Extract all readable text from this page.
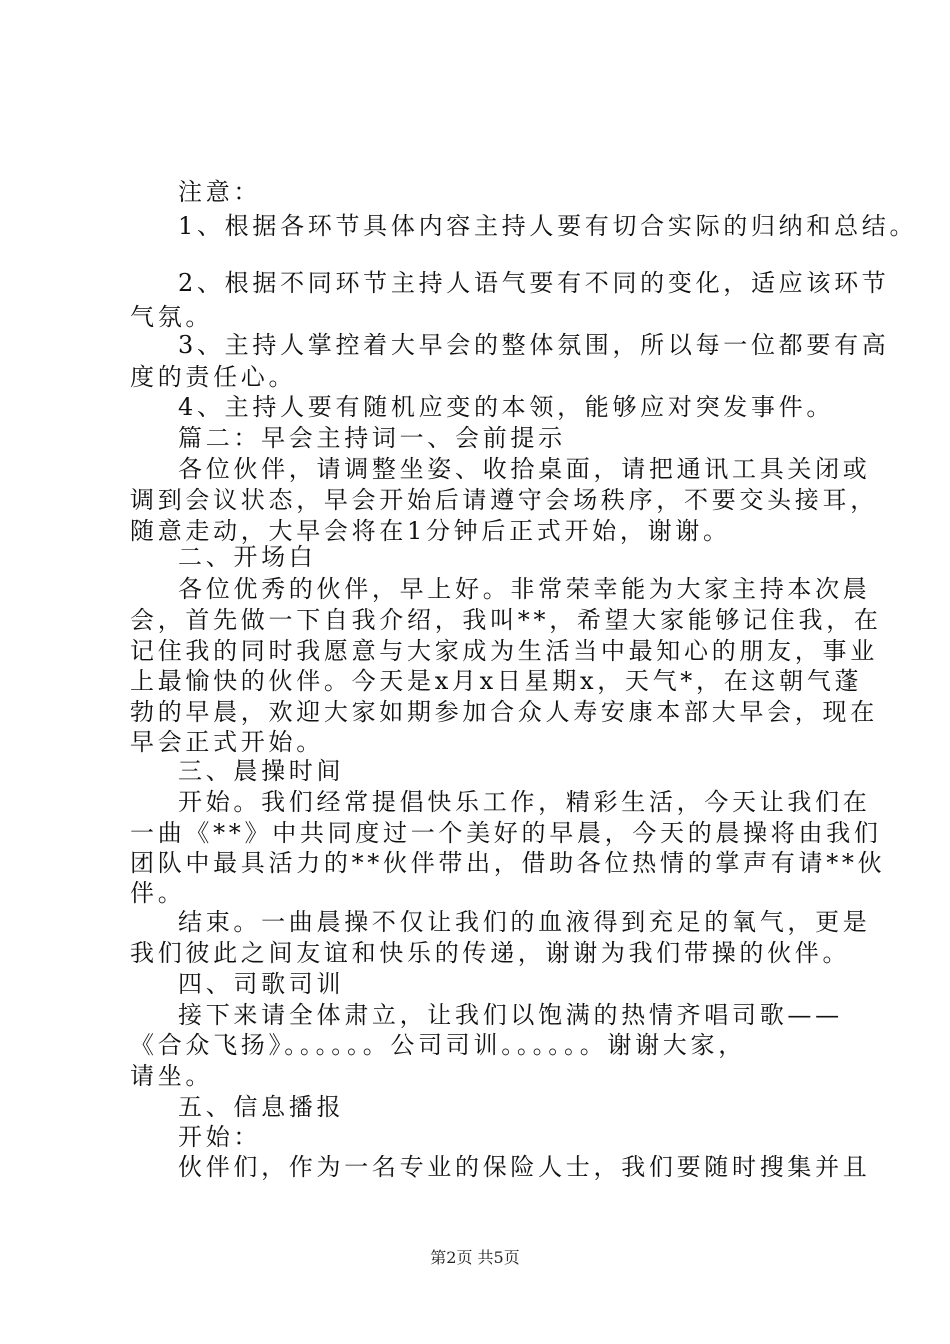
注意：
1、根据各环节具体内容主持人要有切合实际的归纳和总结。
2、根据不同环节主持人语气要有不同的变化，适应该环节
气氛。
3、主持人掌控着大早会的整体氛围，所以每一位都要有高
度的责任心。
4、主持人要有随机应变的本领，能够应对突发事件。
篇二：早会主持词一、会前提示
各位伙伴，请调整坐姿、收拾桌面，请把通讯工具关闭或
调到会议状态，早会开始后请遵守会场秩序，不要交头接耳，
随意走动，大早会将在1分钟后正式开始，谢谢。
二、开场白
各位优秀的伙伴，早上好。非常荣幸能为大家主持本次晨
会，首先做一下自我介绍，我叫**，希望大家能够记住我，在
记住我的同时我愿意与大家成为生活当中最知心的朋友，事业
上最愉快的伙伴。今天是x月x日星期x，天气*，在这朝气蓬
勃的早晨，欢迎大家如期参加合众人寿安康本部大早会，现在
早会正式开始。
三、晨操时间
开始。我们经常提倡快乐工作，精彩生活，今天让我们在
一曲《**》中共同度过一个美好的早晨，今天的晨操将由我们
团队中最具活力的**伙伴带出，借助各位热情的掌声有请**伙
伴。
结束。一曲晨操不仅让我们的血液得到充足的氧气，更是
我们彼此之间友谊和快乐的传递，谢谢为我们带操的伙伴。
四、司歌司训
接下来请全体肃立，让我们以饱满的热情齐唱司歌——
《合众飞扬》。。。。。。公司司训。。。。。。谢谢大家，
请坐。
五、信息播报
开始：
伙伴们，作为一名专业的保险人士，我们要随时搜集并且
第2页 共5页
